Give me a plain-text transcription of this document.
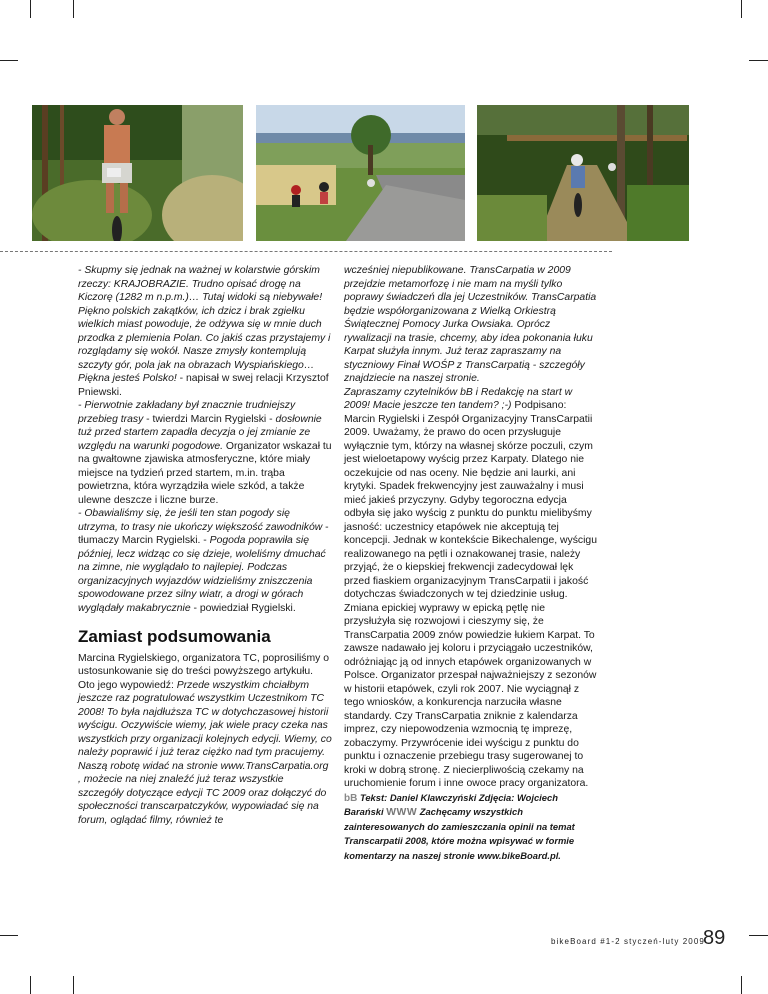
- Skupmy się jednak na ważnej w kolarstwie górskim rzeczy: KRAJOBRAZIE. Trudno opisać drogę na Kiczorę (1282 m n.p.m.)… Tutaj widoki są niebywałe! Piękno polskich zakątków, ich dzicz i brak zgiełku wielkich miast powoduje, że odżywa się w mnie duch przodka z plemienia Polan. Co jakiś czas przystajemy i rozglądamy się wokół. Nasze zmysły kontemplują szczyty gór, pola jak na obrazach Wyspiańskiego… Piękna jesteś Polsko! - napisał w swej relacji Krzysztof Pniewski.

- Pierwotnie zakładany był znacznie trudniejszy przebieg trasy - twierdzi Marcin Rygielski - dosłownie tuż przed startem zapadła decyzja o jej zmianie ze względu na warunki pogodowe. Organizator wskazał tu na gwałtowne zjawiska atmosferyczne, które miały miejsce na tydzień przed startem, m.in. trąba powietrzna, która wyrządziła wiele szkód, a także ulewne deszcze i liczne burze.

- Obawialiśmy się, że jeśli ten stan pogody się utrzyma, to trasy nie ukończy większość zawodników - tłumaczy Marcin Rygielski. - Pogoda poprawiła się później, lecz widząc co się dzieje, woleliśmy dmuchać na zimne, nie wyglądało to najlepiej. Podczas organizacyjnych wyjazdów widzieliśmy zniszczenia spowodowane przez silny wiatr, a drogi w górach wyglądały makabrycznie - powiedział Rygielski.

Zamiast podsumowania

Marcina Rygielskiego, organizatora TC, poprosiliśmy o ustosunkowanie się do treści powyższego artykułu. Oto jego wypowiedź: Przede wszystkim chciałbym jeszcze raz pogratulować wszystkim Uczestnikom TC 2008! To była najdłuższa TC w dotychczasowej historii wyścigu. Oczywiście wiemy, jak wiele pracy czeka nas wszystkich przy organizacji kolejnych edycji. Wiemy, co należy poprawić i już teraz ciężko nad tym pracujemy. Naszą robotę widać na stronie www.TransCarpatia.org , możecie na niej znaleźć już teraz wszystkie szczegóły dotyczące edycji TC 2009 oraz dołączyć do społeczności transcarpatczyków, wypowiadać się na forum, oglądać filmy, również te

wcześniej niepublikowane. TransCarpatia w 2009 przejdzie metamorfozę i nie mam na myśli tylko poprawy świadczeń dla jej Uczestników. TransCarpatia będzie współorganizowana z Wielką Orkiestrą Świątecznej Pomocy Jurka Owsiaka. Oprócz rywalizacji na trasie, chcemy, aby idea pokonania łuku Karpat służyła innym. Już teraz zapraszamy na styczniowy Finał WOŚP z TransCarpatią - szczegóły znajdziecie na naszej stronie.

Zapraszamy czytelników bB i Redakcję na start w 2009! Macie jeszcze ten tandem? ;-) Podpisano: Marcin Rygielski i Zespół Organizacyjny TransCarpatii 2009. Uważamy, że prawo do ocen przysługuje wyłącznie tym, którzy na własnej skórze poczuli, czym jest wieloetapowy wyścig przez Karpaty. Dlatego nie oczekujcie od nas oceny. Nie będzie ani laurki, ani krytyki. Spadek frekwencyjny jest zauważalny i musi mieć jakieś przyczyny. Gdyby tegoroczna edycja odbyła się jako wyścig z punktu do punktu mielibyśmy jasność: uczestnicy etapówek nie akceptują tej koncepcji. Jednak w kontekście Bikechalenge, wyścigu realizowanego na pętli i oznakowanej trasie, należy przyjąć, że o kiepskiej frekwencji zadecydował lęk przed fiaskiem organizacyjnym TransCarpatii i jakość dotychczas świadczonych w tej dziedzinie usług.

Zmiana epickiej wyprawy w epicką pętlę nie przysłużyła się rozwojowi i cieszymy się, że TransCarpatia 2009 znów powiedzie łukiem Karpat. To zawsze nadawało jej koloru i przyciągało uczestników, odróżniając ją od innych etapówek organizowanych w Polsce. Organizator przespał najważniejszy z sezonów w historii etapówek, czyli rok 2007. Nie wyciągnął z tego wniosków, a konkurencja narzuciła własne standardy. Czy TransCarpatia zniknie z kalendarza imprez, czy niepowodzenia wzmocnią tę imprezę, zobaczymy. Przywrócenie idei wyścigu z punktu do punktu i oznaczenie przebiegu trasy sugerowanej to kroki w dobrą stronę. Z niecierpliwością czekamy na uruchomienie forum i inne owoce pracy organizatora. bB Tekst: Daniel Klawczyński Zdjęcia: Wojciech Barański WWW Zachęcamy wszystkich zainteresowanych do zamieszczania opinii na temat Transcarpatii 2008, które można wpisywać w formie komentarzy na naszej stronie www.bikeBoard.pl.

bikeBoard #1-2 styczeń-luty 2009
89
